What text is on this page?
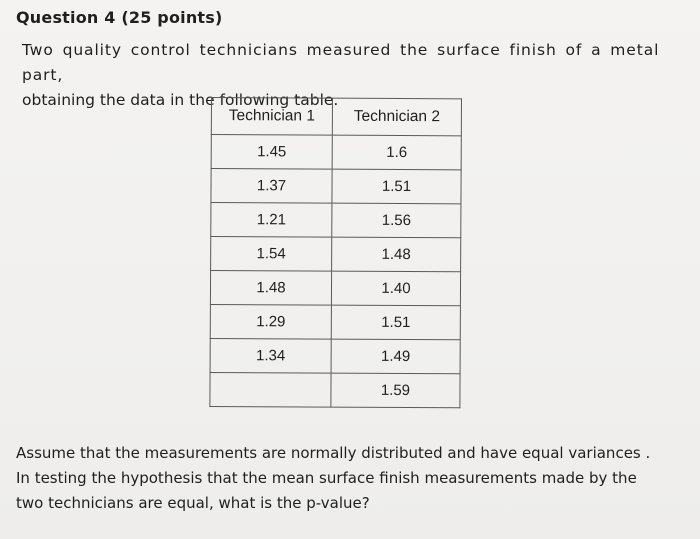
Question 4 (25 points)

Two quality control technicians measured the surface finish of a metal part,

obtaining the data in the following table.

Technician 1	Technician 2
1.45	1.6
1.37	1.51
1.21	1.56
1.54	1.48
1.48	1.40
1.29	1.51
1.34	1.49
	1.59

Assume that the measurements are normally distributed and have equal variances .

In testing the hypothesis that the mean surface finish measurements made by the

two technicians are equal, what is the p-value?
